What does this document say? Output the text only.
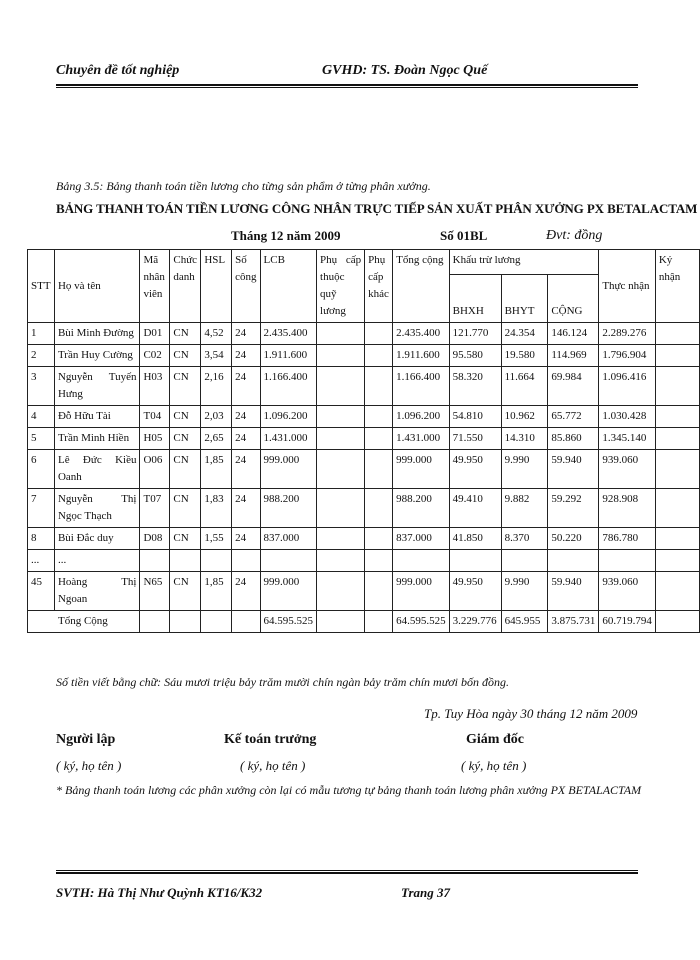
Chuyên đề tốt nghiệp	GVHD: TS. Đoàn Ngọc Quế
Bảng 3.5: Bảng thanh toán tiền lương cho từng sản phẩm ở từng phân xưởng.
BẢNG THANH TOÁN TIỀN LƯƠNG CÔNG NHÂN TRỰC TIẾP SẢN XUẤT PHÂN XƯỞNG PX BETALACTAM
Tháng 12 năm 2009	Số 01BL	Đvt: đồng
STT	Họ và tên	Mã nhân viên	Chức danh	HSL	Số công	LCB	Phụ cấp thuộc quỹ lương	Phụ cấp khác	Tổng cộng	Khấu trừ lương			Thực nhận	Ký nhận
										BHXH	BHYT	CỘNG		
1	Bùi Minh Đường	D01	CN	4,52	24	2.435.400			2.435.400	121.770	24.354	146.124	2.289.276	
2	Trần Huy Cường	C02	CN	3,54	24	1.911.600			1.911.600	95.580	19.580	114.969	1.796.904	
3	Nguyễn Tuyến Hưng	H03	CN	2,16	24	1.166.400			1.166.400	58.320	11.664	69.984	1.096.416	
4	Đỗ Hữu Tài	T04	CN	2,03	24	1.096.200			1.096.200	54.810	10.962	65.772	1.030.428	
5	Trần Minh Hiền	H05	CN	2,65	24	1.431.000			1.431.000	71.550	14.310	85.860	1.345.140	
6	Lê Đức Kiều Oanh	O06	CN	1,85	24	999.000			999.000	49.950	9.990	59.940	939.060	
7	Nguyễn Thị Ngọc Thạch	T07	CN	1,83	24	988.200			988.200	49.410	9.882	59.292	928.908	
8	Bùi Đắc duy	D08	CN	1,55	24	837.000			837.000	41.850	8.370	50.220	786.780	
...	...													
45	Hoàng Thị Ngoan	N65	CN	1,85	24	999.000			999.000	49.950	9.990	59.940	939.060	
Tổng Cộng						64.595.525			64.595.525	3.229.776	645.955	3.875.731	60.719.794	
Số tiền viết bằng chữ: Sáu mươi triệu bảy trăm mười chín ngàn bảy trăm chín mươi bốn đồng.
Tp. Tuy Hòa ngày 30 tháng 12 năm 2009
Người lập	Kế toán trưởng	Giám đốc
( ký, họ tên )	( ký, họ tên )	( ký, họ tên )
* Bảng thanh toán lương các phân xưởng còn lại có mẫu tương tự bảng thanh toán lương phân xưởng PX BETALACTAM
SVTH: Hà Thị Như Quỳnh KT16/K32	Trang 37
